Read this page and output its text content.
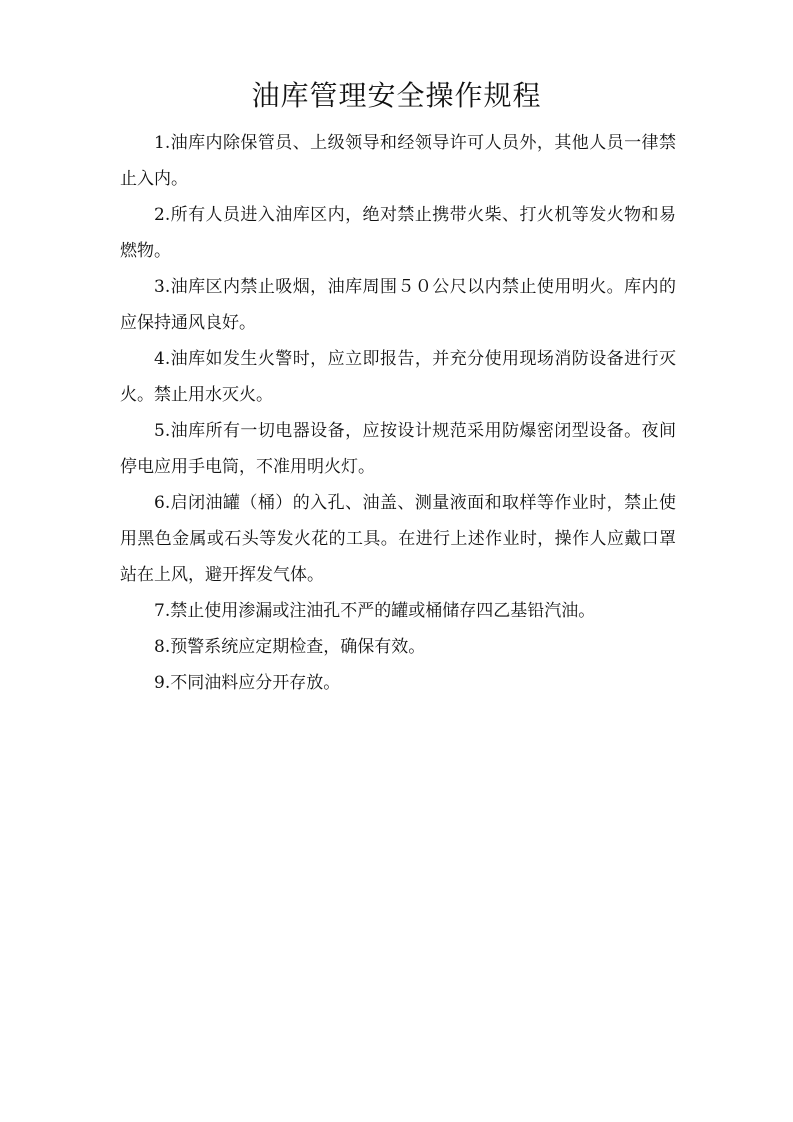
油库管理安全操作规程
1.油库内除保管员、上级领导和经领导许可人员外，其他人员一律禁止入内。
2.所有人员进入油库区内，绝对禁止携带火柴、打火机等发火物和易燃物。
3.油库区内禁止吸烟，油库周围５０公尺以内禁止使用明火。库内的应保持通风良好。
4.油库如发生火警时，应立即报告，并充分使用现场消防设备进行灭火。禁止用水灭火。
5.油库所有一切电器设备，应按设计规范采用防爆密闭型设备。夜间停电应用手电筒，不准用明火灯。
6.启闭油罐（桶）的入孔、油盖、测量液面和取样等作业时，禁止使用黑色金属或石头等发火花的工具。在进行上述作业时，操作人应戴口罩站在上风，避开挥发气体。
7.禁止使用渗漏或注油孔不严的罐或桶储存四乙基铅汽油。
8.预警系统应定期检查，确保有效。
9.不同油料应分开存放。
